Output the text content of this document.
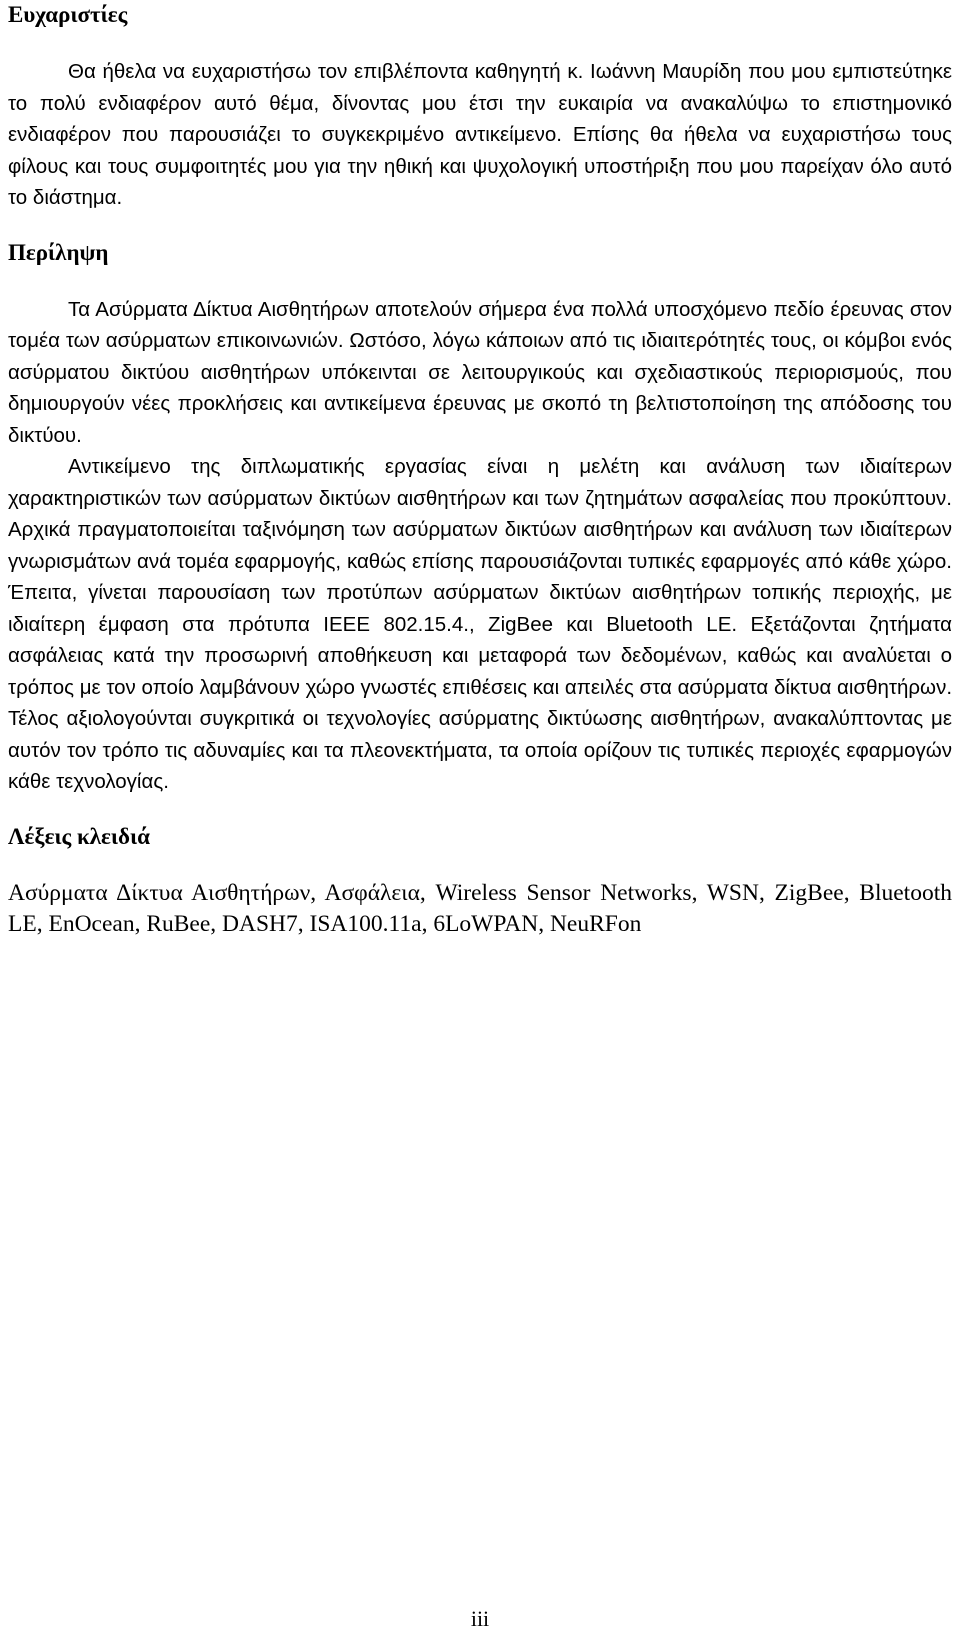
Ευχαριστίες

Θα ήθελα να ευχαριστήσω τον επιβλέποντα καθηγητή κ. Ιωάννη Μαυρίδη που μου εμπιστεύτηκε το πολύ ενδιαφέρον αυτό θέμα, δίνοντας μου έτσι την ευκαιρία να ανακαλύψω το επιστημονικό ενδιαφέρον που παρουσιάζει το συγκεκριμένο αντικείμενο. Επίσης θα ήθελα να ευχαριστήσω τους φίλους και τους συμφοιτητές μου για την ηθική και ψυχολογική υποστήριξη που μου παρείχαν όλο αυτό το διάστημα.

Περίληψη

Τα Ασύρματα Δίκτυα Αισθητήρων αποτελούν σήμερα ένα πολλά υποσχόμενο πεδίο έρευνας στον τομέα των ασύρματων επικοινωνιών. Ωστόσο, λόγω κάποιων από τις ιδιαιτερότητές τους, οι κόμβοι ενός ασύρματου δικτύου αισθητήρων υπόκεινται σε λειτουργικούς και σχεδιαστικούς περιορισμούς, που δημιουργούν νέες προκλήσεις και αντικείμενα έρευνας με σκοπό τη βελτιστοποίηση της απόδοσης του δικτύου.

Αντικείμενο της διπλωματικής εργασίας είναι η μελέτη και ανάλυση των ιδιαίτερων χαρακτηριστικών των ασύρματων δικτύων αισθητήρων και των ζητημάτων ασφαλείας που προκύπτουν. Αρχικά πραγματοποιείται ταξινόμηση των ασύρματων δικτύων αισθητήρων και ανάλυση των ιδιαίτερων γνωρισμάτων ανά τομέα εφαρμογής, καθώς επίσης παρουσιάζονται τυπικές εφαρμογές από κάθε χώρο. Έπειτα, γίνεται παρουσίαση των προτύπων ασύρματων δικτύων αισθητήρων τοπικής περιοχής, με ιδιαίτερη έμφαση στα πρότυπα IEEE 802.15.4., ZigBee και Bluetooth LE. Εξετάζονται ζητήματα ασφάλειας κατά την προσωρινή αποθήκευση και μεταφορά των δεδομένων, καθώς και αναλύεται ο τρόπος με τον οποίο λαμβάνουν χώρο γνωστές επιθέσεις και απειλές στα ασύρματα δίκτυα αισθητήρων. Τέλος αξιολογούνται συγκριτικά οι τεχνολογίες ασύρματης δικτύωσης αισθητήρων, ανακαλύπτοντας με αυτόν τον τρόπο τις αδυναμίες και τα πλεονεκτήματα, τα οποία ορίζουν τις τυπικές περιοχές εφαρμογών κάθε τεχνολογίας.

Λέξεις κλειδιά

Ασύρματα Δίκτυα Αισθητήρων, Ασφάλεια, Wireless Sensor Networks, WSN, ZigBee, Bluetooth LE, EnOcean, RuBee, DASH7, ISA100.11a, 6LoWPAN, NeuRFon

iii
